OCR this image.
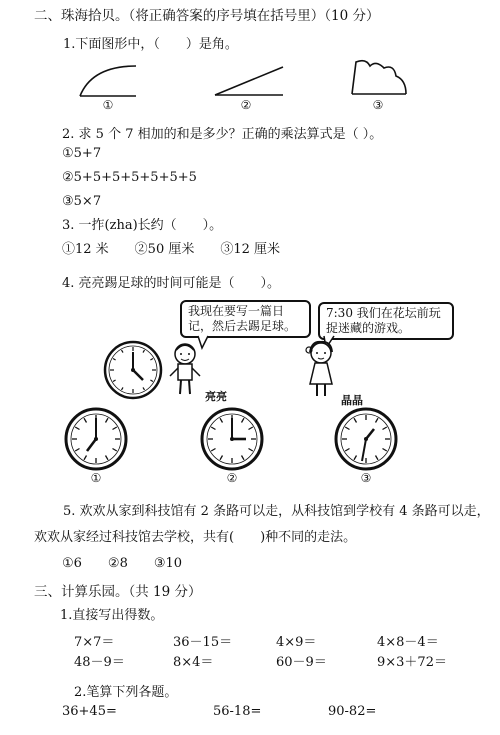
二、珠海拾贝。（将正确答案的序号填在括号里）（10 分）
1.下面图形中，（　　）是角。
①	②	③
2. 求 5 个 7 相加的和是多少？正确的乘法算式是（ ）。
①5+7
②5+5+5+5+5+5+5
③5×7
3. 一拃(zha)长约（　　）。
①12 米　　②50 厘米　　③12 厘米
4. 亮亮踢足球的时间可能是（　　）。
我现在要写一篇日记，然后去踢足球。
7:30 我们在花坛前玩捉迷藏的游戏。
亮亮	晶晶
①	②	③
5. 欢欢从家到科技馆有 2 条路可以走，从科技馆到学校有 4 条路可以走，
欢欢从家经过科技馆去学校，共有(　　)种不同的走法。
①6　　②8　　③10
三、计算乐园。（共 19 分）
1.直接写出得数。
7×7＝	36－15＝	4×9＝	4×8－4＝
48－9＝	8×4＝	60－9＝	9×3＋72＝
2.笔算下列各题。
36+45=	56-18=	90-82=
